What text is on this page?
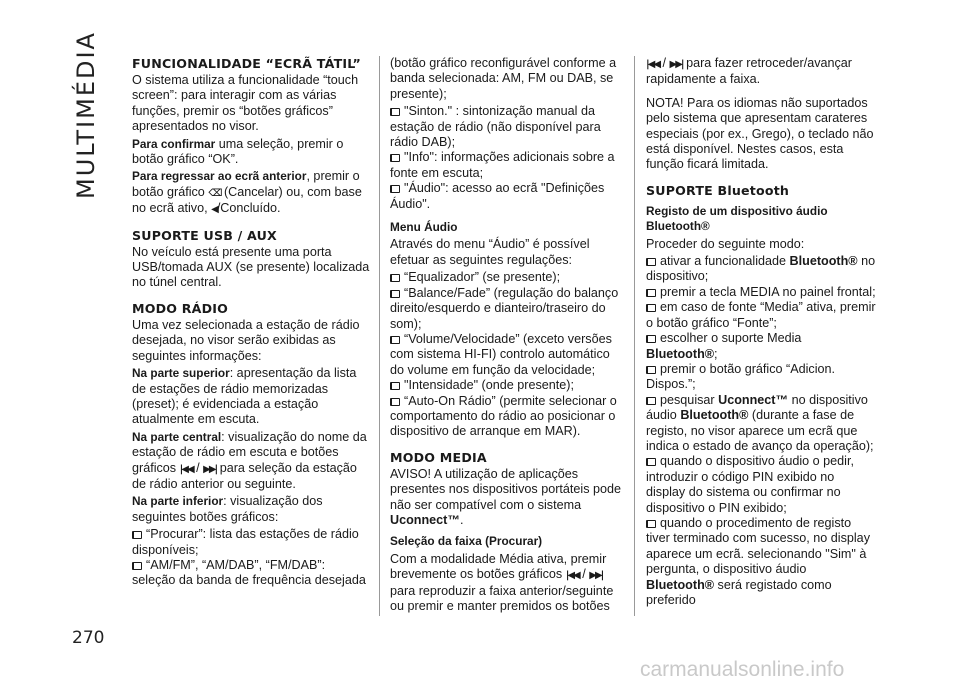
MULTIMÉDIA
270
FUNCIONALIDADE “ECRÃ TÁTIL”

O sistema utiliza a funcionalidade “touch screen”: para interagir com as várias funções, premir os “botões gráficos” apresentados no visor.

Para confirmar uma seleção, premir o botão gráfico “OK”.

Para regressar ao ecrã anterior, premir o botão gráfico ⌫ (Cancelar) ou, com base no ecrã ativo, ◀/Concluído.

SUPORTE USB / AUX

No veículo está presente uma porta USB/tomada AUX (se presente) localizada no túnel central.

MODO RÁDIO

Uma vez selecionada a estação de rádio desejada, no visor serão exibidas as seguintes informações:

Na parte superior: apresentação da lista de estações de rádio memorizadas (preset); é evidenciada a estação atualmente em escuta.

Na parte central: visualização do nome da estação de rádio em escuta e botões gráficos |◀◀ / ▶▶| para seleção da estação de rádio anterior ou seguinte.

Na parte inferior: visualização dos seguintes botões gráficos:

“Procurar”: lista das estações de rádio disponíveis;
“AM/FM”, “AM/DAB”, “FM/DAB”: seleção da banda de frequência desejada

(botão gráfico reconfigurável conforme a banda selecionada: AM, FM ou DAB, se presente);

"Sinton." : sintonização manual da estação de rádio (não disponível para rádio DAB);
"Info": informações adicionais sobre a fonte em escuta;
"Áudio": acesso ao ecrã "Definições Áudio".

Menu Áudio

Através do menu “Áudio” é possível efetuar as seguintes regulações:

“Equalizador” (se presente);
“Balance/Fade” (regulação do balanço direito/esquerdo e dianteiro/traseiro do som);
“Volume/Velocidade” (exceto versões com sistema HI-FI) controlo automático do volume em função da velocidade;
"Intensidade" (onde presente);
“Auto-On Rádio” (permite selecionar o comportamento do rádio ao posicionar o dispositivo de arranque em MAR).
MODO MEDIA

AVISO! A utilização de aplicações presentes nos dispositivos portáteis pode não ser compatível com o sistema Uconnect™.

Seleção da faixa (Procurar)

Com a modalidade Média ativa, premir brevemente os botões gráficos |◀◀ / ▶▶| para reproduzir a faixa anterior/seguinte ou premir e manter premidos os botões

|◀◀ / ▶▶| para fazer retroceder/avançar rapidamente a faixa.

NOTA! Para os idiomas não suportados pelo sistema que apresentam carateres especiais (por ex., Grego), o teclado não está disponível. Nestes casos, esta função ficará limitada.

SUPORTE Bluetooth

Registo de um dispositivo áudio Bluetooth®

Proceder do seguinte modo:

ativar a funcionalidade Bluetooth® no dispositivo;
premir a tecla MEDIA no painel frontal;
em caso de fonte “Media” ativa, premir o botão gráfico “Fonte”;
escolher o suporte Media Bluetooth®;
premir o botão gráfico “Adicion. Dispos.”;
pesquisar Uconnect™ no dispositivo áudio Bluetooth® (durante a fase de registo, no visor aparece um ecrã que indica o estado de avanço da operação);
quando o dispositivo áudio o pedir, introduzir o código PIN exibido no display do sistema ou confirmar no dispositivo o PIN exibido;
quando o procedimento de registo tiver terminado com sucesso, no display aparece um ecrã. selecionando "Sim" à pergunta, o dispositivo áudio Bluetooth® será registado como preferido
carmanualsonline.info
